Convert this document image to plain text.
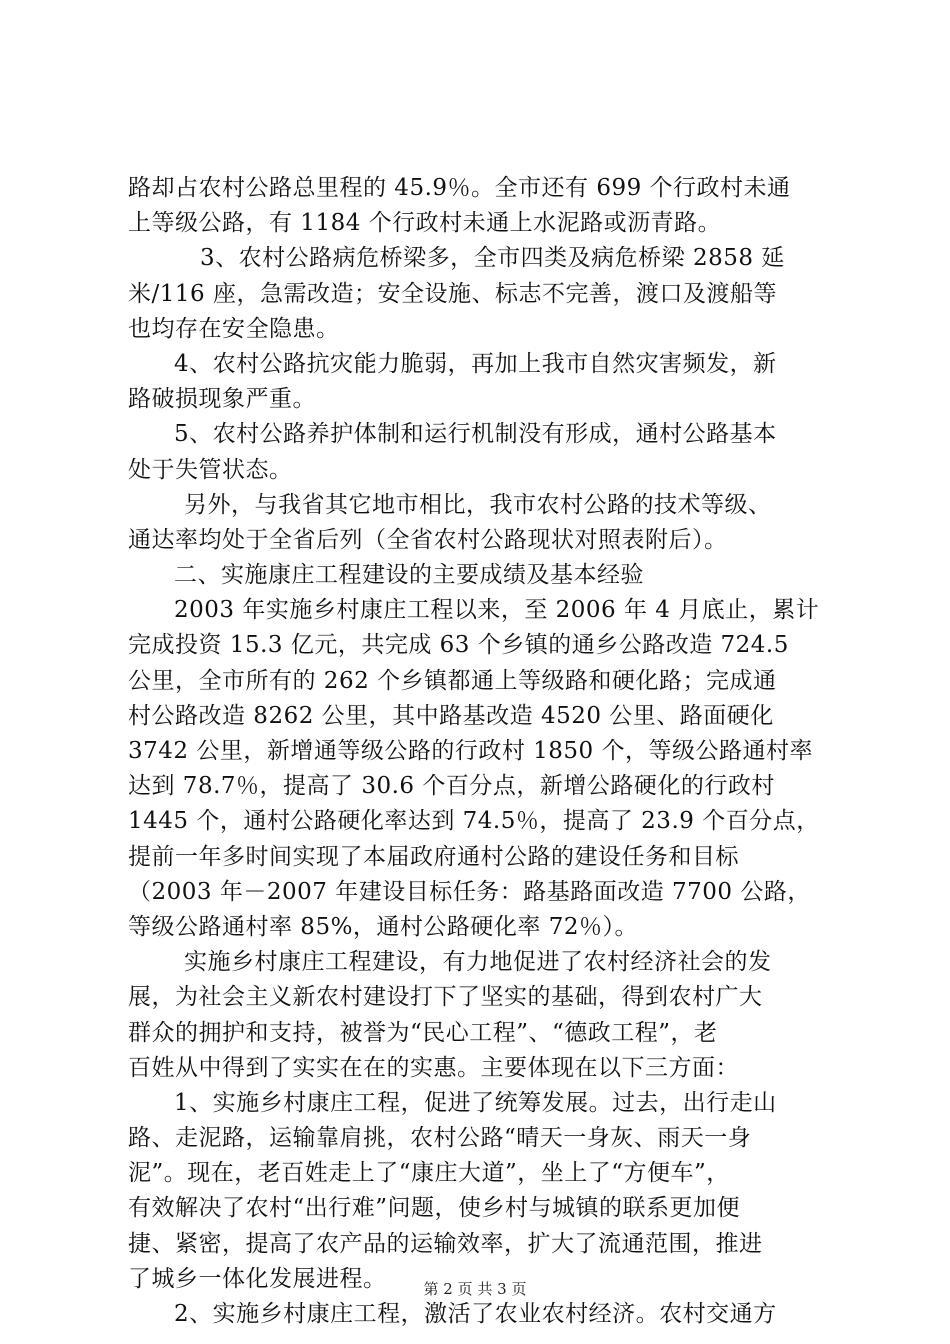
路却占农村公路总里程的 45.9％。全市还有 699 个行政村未通
上等级公路，有 1184 个行政村未通上水泥路或沥青路。
3、农村公路病危桥梁多，全市四类及病危桥梁 2858 延
米/116 座，急需改造；安全设施、标志不完善，渡口及渡船等
也均存在安全隐患。
4、农村公路抗灾能力脆弱，再加上我市自然灾害频发，新
路破损现象严重。
5、农村公路养护体制和运行机制没有形成，通村公路基本
处于失管状态。
另外，与我省其它地市相比，我市农村公路的技术等级、
通达率均处于全省后列（全省农村公路现状对照表附后）。
二、实施康庄工程建设的主要成绩及基本经验
2003 年实施乡村康庄工程以来，至 2006 年 4 月底止，累计
完成投资 15.3 亿元，共完成 63 个乡镇的通乡公路改造 724.5
公里，全市所有的 262 个乡镇都通上等级路和硬化路；完成通
村公路改造 8262 公里，其中路基改造 4520 公里、路面硬化
3742 公里，新增通等级公路的行政村 1850 个，等级公路通村率
达到 78.7％，提高了 30.6 个百分点，新增公路硬化的行政村
1445 个，通村公路硬化率达到 74.5％，提高了 23.9 个百分点，
提前一年多时间实现了本届政府通村公路的建设任务和目标
（2003 年－2007 年建设目标任务：路基路面改造 7700 公路，
等级公路通村率 85%，通村公路硬化率 72％）。
实施乡村康庄工程建设，有力地促进了农村经济社会的发
展，为社会主义新农村建设打下了坚实的基础，得到农村广大
群众的拥护和支持，被誉为“民心工程”、“德政工程”，老
百姓从中得到了实实在在的实惠。主要体现在以下三方面：
1、实施乡村康庄工程，促进了统筹发展。过去，出行走山
路、走泥路，运输靠肩挑，农村公路“晴天一身灰、雨天一身
泥”。现在，老百姓走上了“康庄大道”，坐上了“方便车”，
有效解决了农村“出行难”问题，使乡村与城镇的联系更加便
捷、紧密，提高了农产品的运输效率，扩大了流通范围，推进
了城乡一体化发展进程。
2、实施乡村康庄工程，激活了农业农村经济。农村交通方
第 2 页 共 3 页
